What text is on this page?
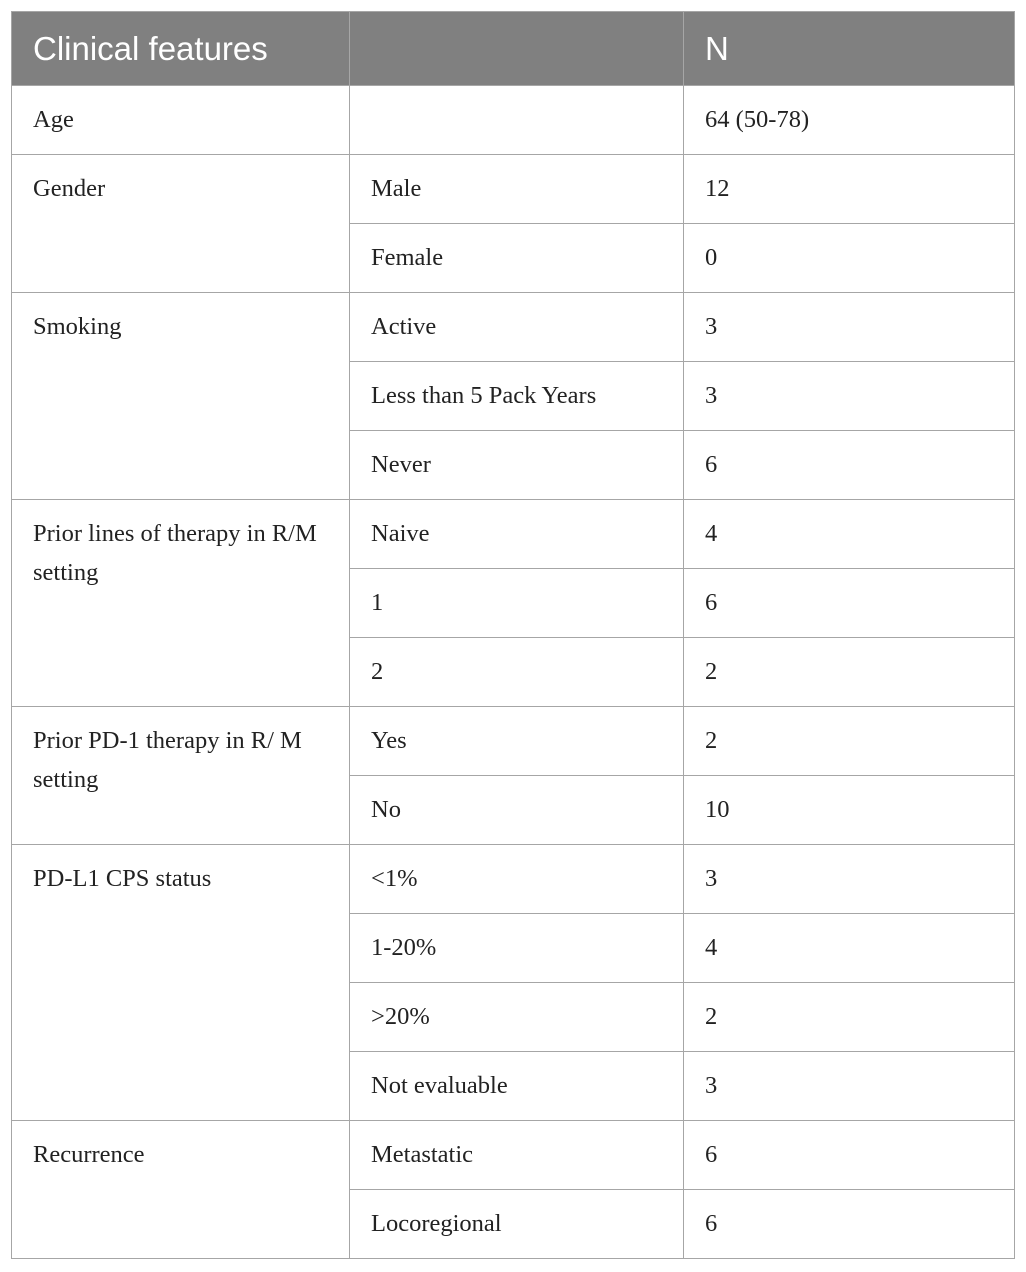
Clinical features		N
Age		64 (50-78)
Gender	Male	12
	Female	0
Smoking	Active	3
	Less than 5 Pack Years	3
	Never	6
Prior lines of therapy in R/M setting	Naive	4
	1	6
	2	2
Prior PD-1 therapy in R/ M setting	Yes	2
	No	10
PD-L1 CPS status	<1%	3
	1-20%	4
	>20%	2
	Not evaluable	3
Recurrence	Metastatic	6
	Locoregional	6
